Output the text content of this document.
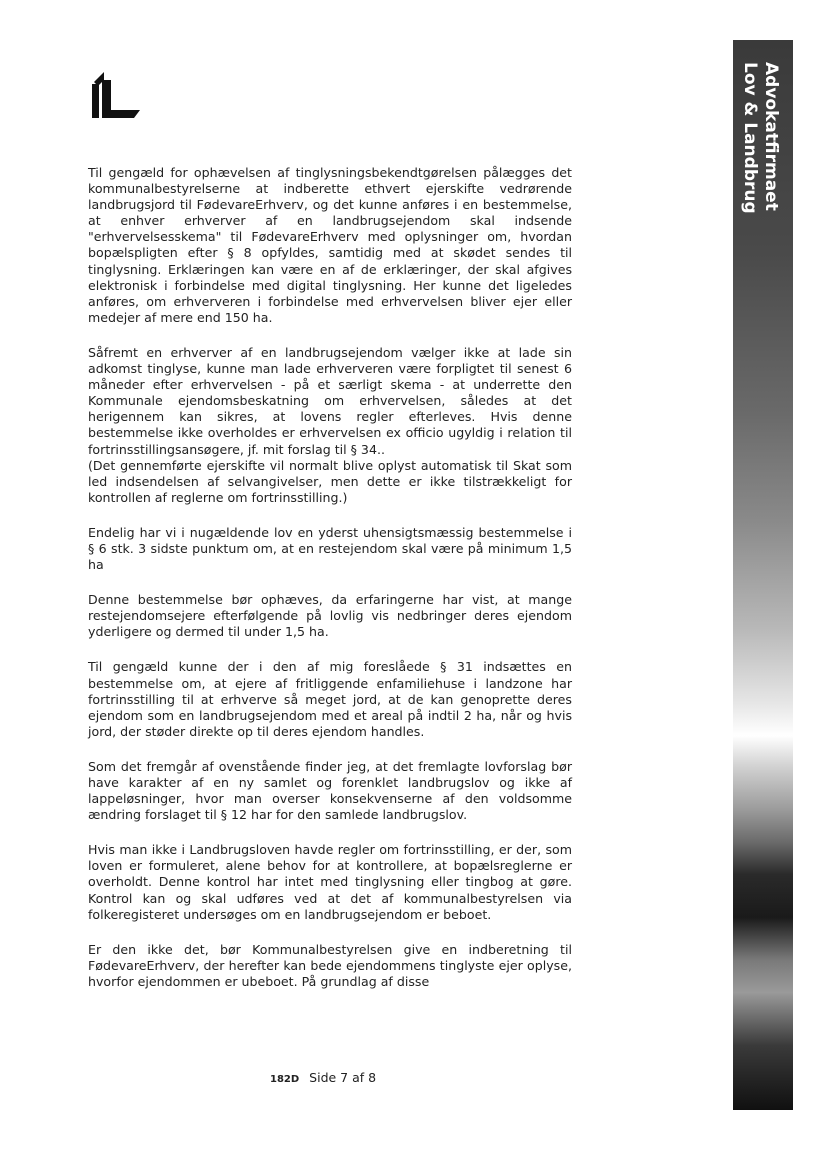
Advokatfirmaet
Lov & Landbrug

Til gengæld for ophævelsen af tinglysningsbekendtgørelsen pålægges det kommunalbestyrelserne at indberette ethvert ejerskifte vedrørende landbrugsjord til FødevareErhverv, og det kunne anføres i en bestemmelse, at enhver erhverver af en landbrugsejendom skal indsende "erhvervelsesskema" til FødevareErhverv med oplysninger om, hvordan bopælspligten efter § 8 opfyldes, samtidig med at skødet sendes til tinglysning. Erklæringen kan være en af de erklæringer, der skal afgives elektronisk i forbindelse med digital tinglysning. Her kunne det ligeledes anføres, om erhververen i forbindelse med erhvervelsen bliver ejer eller medejer af mere end 150 ha.

Såfremt en erhverver af en landbrugsejendom vælger ikke at lade sin adkomst tinglyse, kunne man lade erhververen være forpligtet til senest 6 måneder efter erhvervelsen - på et særligt skema - at underrette den Kommunale ejendomsbeskatning om erhvervelsen, således at det herigennem kan sikres, at lovens regler efterleves. Hvis denne bestemmelse ikke overholdes er erhvervelsen ex officio ugyldig i relation til fortrinsstillingsansøgere, jf. mit forslag til § 34..
(Det gennemførte ejerskifte vil normalt blive oplyst automatisk til Skat som led indsendelsen af selvangivelser, men dette er ikke tilstrækkeligt for kontrollen af reglerne om fortrinsstilling.)

Endelig har vi i nugældende lov en yderst uhensigtsmæssig bestemmelse i § 6 stk. 3 sidste punktum om, at en restejendom skal være på minimum 1,5 ha

Denne bestemmelse bør ophæves, da erfaringerne har vist, at mange restejendomsejere efterfølgende på lovlig vis nedbringer deres ejendom yderligere og dermed til under 1,5 ha.

Til gengæld kunne der i den af mig foreslåede § 31 indsættes en bestemmelse om, at ejere af fritliggende enfamiliehuse i landzone har fortrinsstilling til at erhverve så meget jord, at de kan genoprette deres ejendom som en landbrugsejendom med et areal på indtil 2 ha, når og hvis jord, der støder direkte op til deres ejendom handles.

Som det fremgår af ovenstående finder jeg, at det fremlagte lovforslag bør have karakter af en ny samlet og forenklet landbrugslov og ikke af lappeløsninger, hvor man overser konsekvenserne af den voldsomme ændring forslaget til § 12 har for den samlede landbrugslov.

Hvis man ikke i Landbrugsloven havde regler om fortrinsstilling, er der, som loven er formuleret, alene behov for at kontrollere, at bopælsreglerne er overholdt. Denne kontrol har intet med tinglysning eller tingbog at gøre. Kontrol kan og skal udføres ved at det af kommunalbestyrelsen via folkeregisteret undersøges om en landbrugsejendom er beboet.

Er den ikke det, bør Kommunalbestyrelsen give en indberetning til FødevareErhverv, der herefter kan bede ejendommens tinglyste ejer oplyse, hvorfor ejendommen er ubeboet. På grundlag af disse

182D Side 7 af 8
